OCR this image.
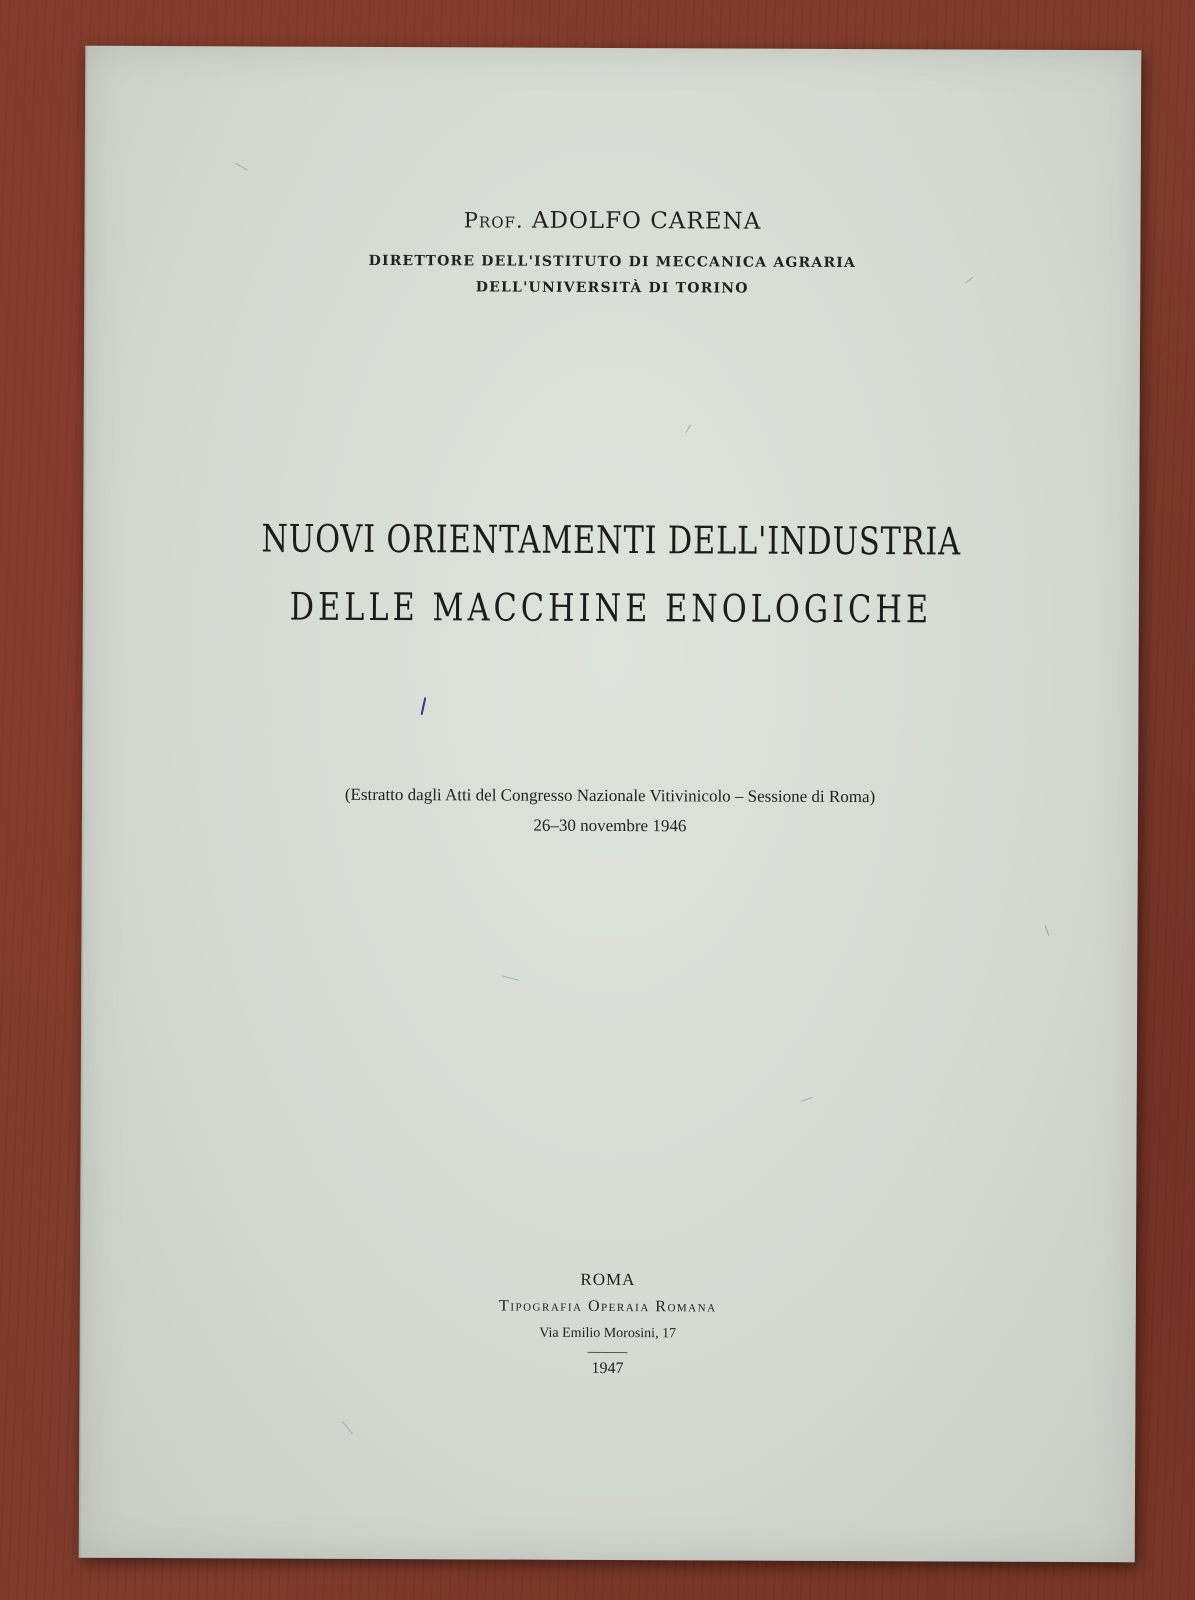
Prof. ADOLFO CARENA
DIRETTORE DELL'ISTITUTO DI MECCANICA AGRARIA
DELL'UNIVERSITÀ DI TORINO
NUOVI ORIENTAMENTI DELL'INDUSTRIA
DELLE MACCHINE ENOLOGICHE
(Estratto dagli Atti del Congresso Nazionale Vitivinicolo – Sessione di Roma)
26–30 novembre 1946
ROMA
Tipografia Operaia Romana
Via Emilio Morosini, 17
1947
